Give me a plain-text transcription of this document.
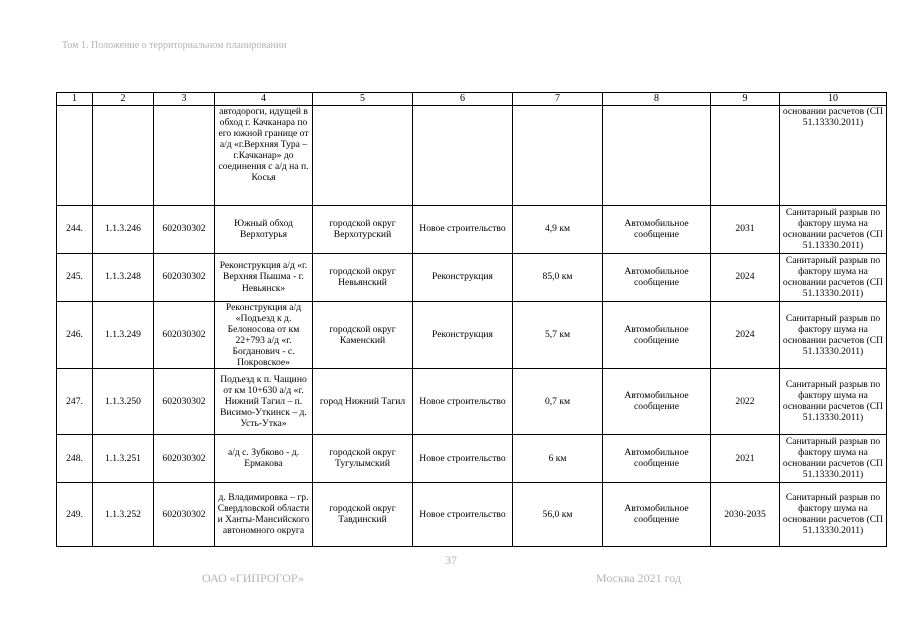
Том 1. Положение о территориальном планировании
1	2	3	4	5	6	7	8	9	10
			автодороги, идущей в обход г. Качканара по его южной границе от а/д «г.Верхняя Тура – г.Качканар» до соединения с а/д на п. Косья						основании расчетов (СП 51.13330.2011)
244.	1.1.3.246	602030302	Южный обход Верхотурья	городской округ Верхотурский	Новое строительство	4,9 км	Автомобильное сообщение	2031	Санитарный разрыв по фактору шума на основании расчетов (СП 51.13330.2011)
245.	1.1.3.248	602030302	Реконструкция а/д «г. Верхняя Пышма - г. Невьянск»	городской округ Невьянский	Реконструкция	85,0 км	Автомобильное сообщение	2024	Санитарный разрыв по фактору шума на основании расчетов (СП 51.13330.2011)
246.	1.1.3.249	602030302	Реконструкция а/д «Подъезд к д. Белоносова от км 22+793 а/д «г. Богданович - с. Покровское»	городской округ Каменский	Реконструкция	5,7 км	Автомобильное сообщение	2024	Санитарный разрыв по фактору шума на основании расчетов (СП 51.13330.2011)
247.	1.1.3.250	602030302	Подъезд к п. Чащино от км 10+630 а/д «г. Нижний Тагил – п. Висимо-Уткинск – д. Усть-Утка»	город Нижний Тагил	Новое строительство	0,7 км	Автомобильное сообщение	2022	Санитарный разрыв по фактору шума на основании расчетов (СП 51.13330.2011)
248.	1.1.3.251	602030302	а/д с. Зубково - д. Ермакова	городской округ Тугулымский	Новое строительство	6 км	Автомобильное сообщение	2021	Санитарный разрыв по фактору шума на основании расчетов (СП 51.13330.2011)
249.	1.1.3.252	602030302	д. Владимировка – гр. Свердловской области и Ханты-Мансийского автономного округа	городской округ Тавдинский	Новое строительство	56,0 км	Автомобильное сообщение	2030-2035	Санитарный разрыв по фактору шума на основании расчетов (СП 51.13330.2011)
37
ОАО «ГИПРОГОР»	Москва 2021 год
